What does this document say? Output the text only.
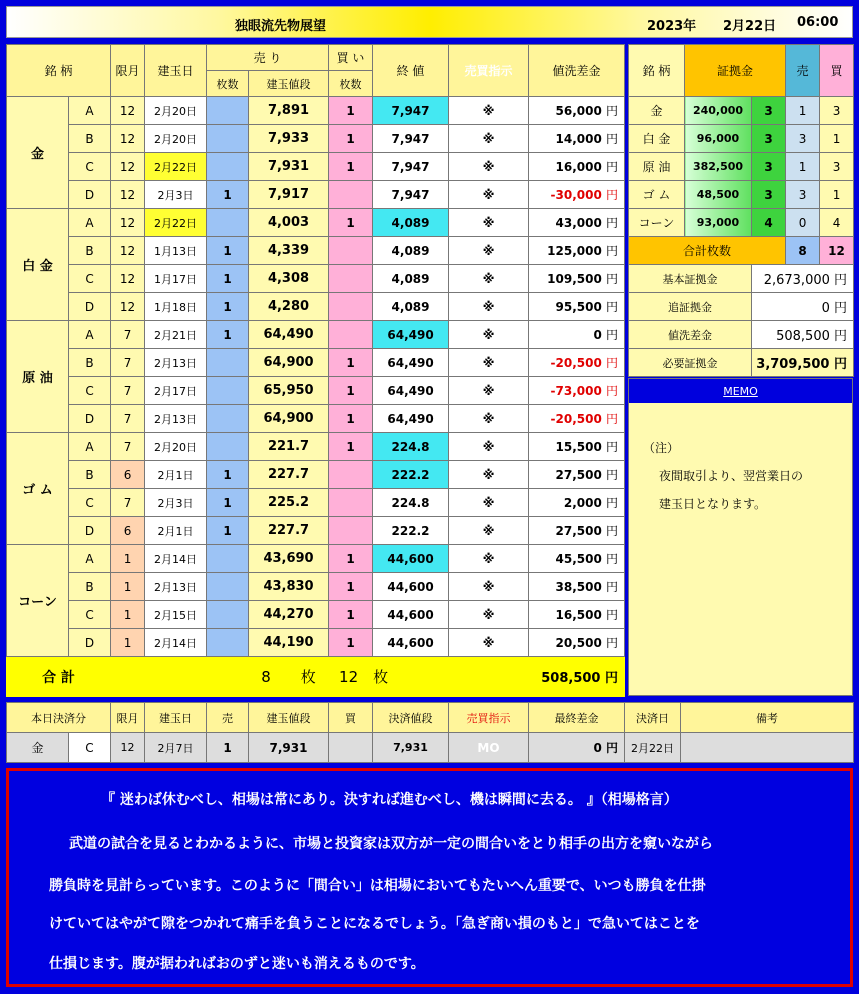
独眼流先物展望	2023年 2月22日 06:00
銘 柄		限月	建玉日	売 り		買 い	終 値	売買指示	値洗差金
				枚数	建玉値段	枚数			
金	A	12	2月20日		7,891	1	7,947	※	56,000 円
	B	12	2月20日		7,933	1	7,947	※	14,000 円
	C	12	2月22日		7,931	1	7,947	※	16,000 円
	D	12	2月3日	1	7,917		7,947	※	-30,000 円
白 金	A	12	2月22日		4,003	1	4,089	※	43,000 円
	B	12	1月13日	1	4,339		4,089	※	125,000 円
	C	12	1月17日	1	4,308		4,089	※	109,500 円
	D	12	1月18日	1	4,280		4,089	※	95,500 円
原 油	A	7	2月21日	1	64,490		64,490	※	0 円
	B	7	2月13日		64,900	1	64,490	※	-20,500 円
	C	7	2月17日		65,950	1	64,490	※	-73,000 円
	D	7	2月13日		64,900	1	64,490	※	-20,500 円
ゴ ム	A	7	2月20日		221.7	1	224.8	※	15,500 円
	B	6	2月1日	1	227.7		222.2	※	27,500 円
	C	7	2月3日	1	225.2		224.8	※	2,000 円
	D	6	2月1日	1	227.7		222.2	※	27,500 円
コーン	A	1	2月14日		43,690	1	44,600	※	45,500 円
	B	1	2月13日		43,830	1	44,600	※	38,500 円
	C	1	2月15日		44,270	1	44,600	※	16,500 円
	D	1	2月14日		44,190	1	44,600	※	20,500 円
合 計					8　　 枚	12　 枚			508,500 円
銘 柄	証拠金		売	買
金	240,000	3	1	3
白 金	96,000	3	3	1
原 油	382,500	3	1	3
ゴ ム	48,500	3	3	1
コーン	93,000	4	0	4
合計枚数			8	12
基本証拠金		2,673,000 円		
追証拠金		0 円		
値洗差金		508,500 円		
必要証拠金		3,709,500 円		
MEMO
（注）
夜間取引より、翌営業日の
建玉日となります。
本日決済分		限月	建玉日	売	建玉値段	買	決済値段	売買指示	最終差金	決済日	備考
金	C	12	2月7日	1	7,931		7,931	MO	0 円	2月22日	

『 迷わば休むべし、相場は常にあり。決すれば進むべし、機は瞬間に去る。 』（相場格言）

武道の試合を見るとわかるように、市場と投資家は双方が一定の間合いをとり相手の出方を窺いながら

勝負時を見計らっています。このように「間合い」は相場においてもたいへん重要で、いつも勝負を仕掛

けていてはやがて隙をつかれて痛手を負うことになるでしょう。「急ぎ商い損のもと」で急いてはことを

仕損じます。腹が据わればおのずと迷いも消えるものです。
